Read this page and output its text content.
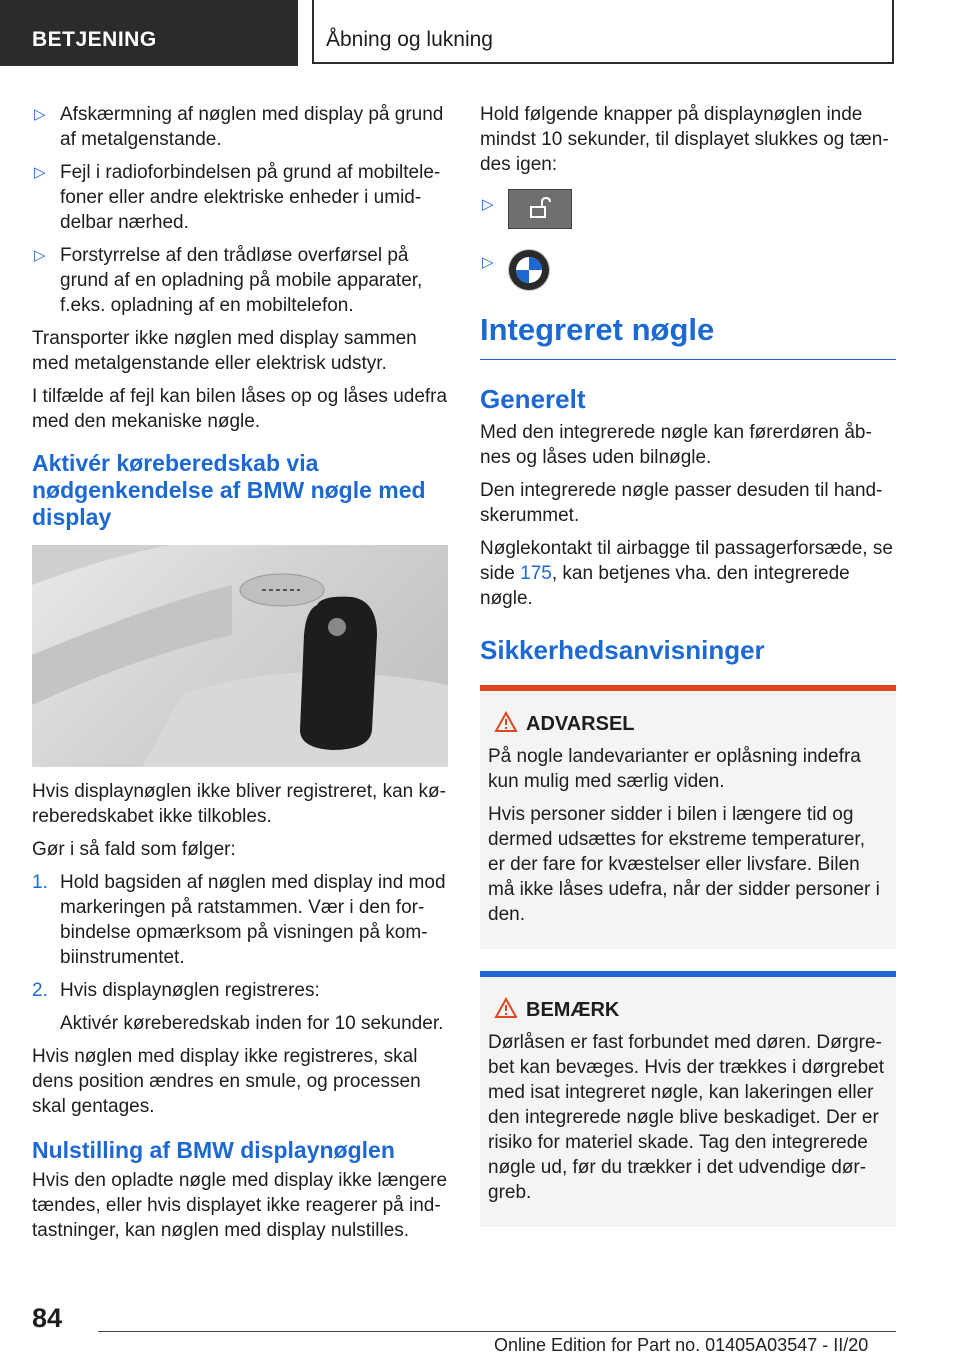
BETJENING	Åbning og lukning
▷ Afskærmning af nøglen med display på grund af metalgenstande.
▷ Fejl i radioforbindelsen på grund af mobiltelefoner eller andre elektriske enheder i umiddelbar nærhed.
▷ Forstyrrelse af den trådløse overførsel på grund af en opladning på mobile apparater, f.eks. opladning af en mobiltelefon.

Transporter ikke nøglen med display sammen med metalgenstande eller elektrisk udstyr.

I tilfælde af fejl kan bilen låses op og låses udefra med den mekaniske nøgle.

Aktivér køreberedskab via nødgenkendelse af BMW nøgle med display

Hvis displaynøglen ikke bliver registreret, kan køreberedskabet ikke tilkobles.

Gør i så fald som følger:

1. Hold bagsiden af nøglen med display ind mod markeringen på ratstammen. Vær i den forbindelse opmærksom på visningen på kombiinstrumentet.
2. Hvis displaynøglen registreres:
Aktivér køreberedskab inden for 10 sekunder.

Hvis nøglen med display ikke registreres, skal dens position ændres en smule, og processen skal gentages.

Nulstilling af BMW displaynøglen

Hvis den opladte nøgle med display ikke længere tændes, eller hvis displayet ikke reagerer på indtastninger, kan nøglen med display nulstilles.

Hold følgende knapper på displaynøglen inde mindst 10 sekunder, til displayet slukkes og tændes igen:

▷
▷
Integreret nøgle
Generelt

Med den integrerede nøgle kan førerdøren åbnes og låses uden bilnøgle.

Den integrerede nøgle passer desuden til handskerummet.

Nøglekontakt til airbagge til passagerforsæde, se side 175, kan betjenes vha. den integrerede nøgle.

Sikkerhedsanvisninger
ADVARSEL

På nogle landevarianter er oplåsning indefra kun mulig med særlig viden.

Hvis personer sidder i bilen i længere tid og dermed udsættes for ekstreme temperaturer, er der fare for kvæstelser eller livsfare. Bilen må ikke låses udefra, når der sidder personer i den.

BEMÆRK

Dørlåsen er fast forbundet med døren. Dørgrebet kan bevæges. Hvis der trækkes i dørgrebet med isat integreret nøgle, kan lakeringen eller den integrerede nøgle blive beskadiget. Der er risiko for materiel skade. Tag den integrerede nøgle ud, før du trækker i det udvendige dørgreb.

84
Online Edition for Part no. 01405A03547 - II/20
